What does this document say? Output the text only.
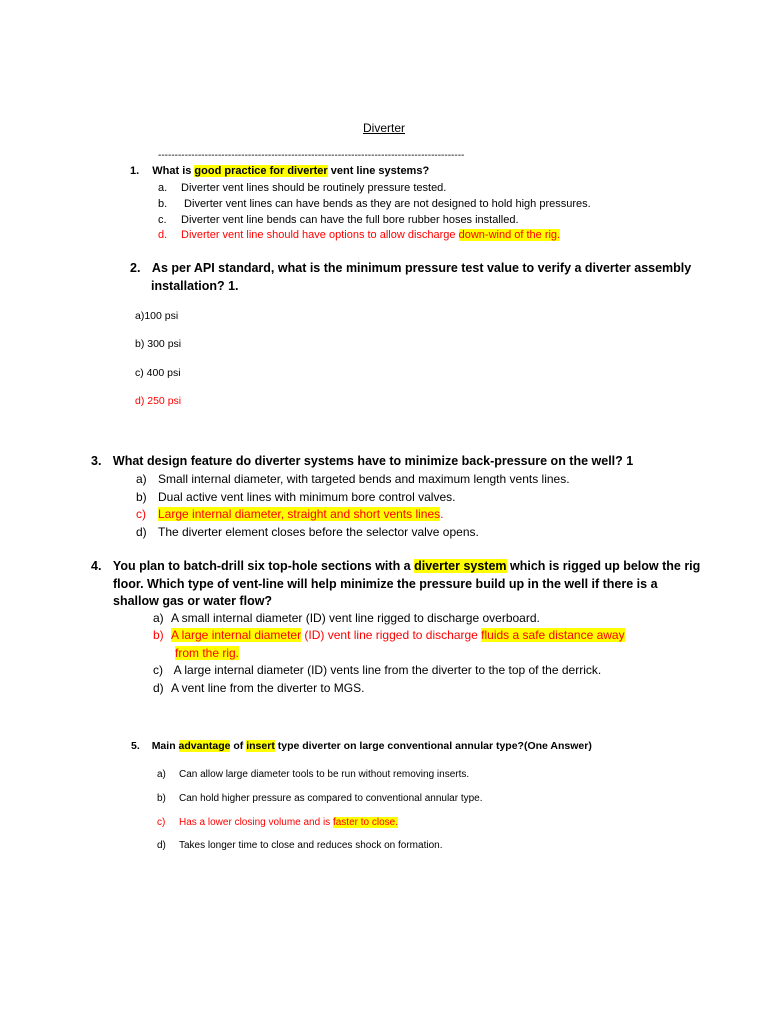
Diverter
--------------------------------------------------------------------------------------------
1. What is good practice for diverter vent line systems?
a. Diverter vent lines should be routinely pressure tested.
b. Diverter vent lines can have bends as they are not designed to hold high pressures.
c. Diverter vent line bends can have the full bore rubber hoses installed.
d. Diverter vent line should have options to allow discharge down-wind of the rig.
2. As per API standard, what is the minimum pressure test value to verify a diverter assembly
installation? 1.
a)100 psi
b) 300 psi
c) 400 psi
d) 250 psi
3. What design feature do diverter systems have to minimize back-pressure on the well? 1
a) Small internal diameter, with targeted bends and maximum length vents lines.
b) Dual active vent lines with minimum bore control valves.
c) Large internal diameter, straight and short vents lines.
d) The diverter element closes before the selector valve opens.
4. You plan to batch-drill six top-hole sections with a diverter system which is rigged up below the rig
floor. Which type of vent-line will help minimize the pressure build up in the well if there is a
shallow gas or water flow?
a) A small internal diameter (ID) vent line rigged to discharge overboard.
b) A large internal diameter (ID) vent line rigged to discharge fluids a safe distance away
from the rig.
c) A large internal diameter (ID) vents line from the diverter to the top of the derrick.
d) A vent line from the diverter to MGS.
5. Main advantage of insert type diverter on large conventional annular type?(One Answer)
a) Can allow large diameter tools to be run without removing inserts.
b) Can hold higher pressure as compared to conventional annular type.
c) Has a lower closing volume and is faster to close.
d) Takes longer time to close and reduces shock on formation.
